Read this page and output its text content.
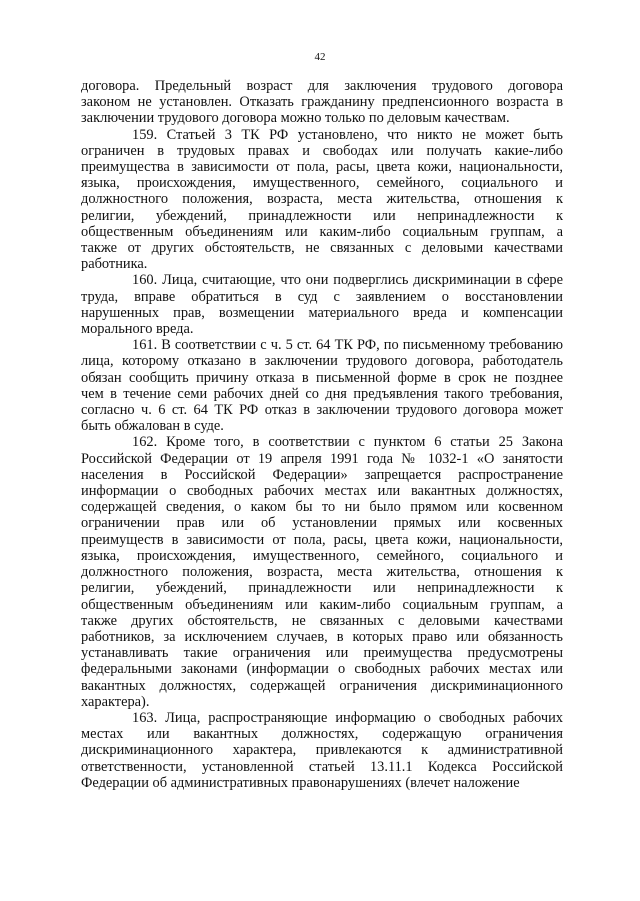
42

договора. Предельный возраст для заключения трудового договора
законом не установлен. Отказать гражданину предпенсионного возраста в
заключении трудового договора можно только по деловым качествам.

159. Статьей 3 ТК РФ установлено, что никто не может быть
ограничен в трудовых правах и свободах или получать какие-либо
преимущества в зависимости от пола, расы, цвета кожи, национальности,
языка, происхождения, имущественного, семейного, социального и
должностного положения, возраста, места жительства, отношения к
религии, убеждений, принадлежности или непринадлежности к
общественным объединениям или каким-либо социальным группам, а
также от других обстоятельств, не связанных с деловыми качествами
работника.

160. Лица, считающие, что они подверглись дискриминации в сфере
труда, вправе обратиться в суд с заявлением о восстановлении
нарушенных прав, возмещении материального вреда и компенсации
морального вреда.

161. В соответствии с ч. 5 ст. 64 ТК РФ, по письменному требованию
лица, которому отказано в заключении трудового договора, работодатель
обязан сообщить причину отказа в письменной форме в срок не позднее
чем в течение семи рабочих дней со дня предъявления такого требования,
согласно ч. 6 ст. 64 ТК РФ отказ в заключении трудового договора может
быть обжалован в суде.

162. Кроме того, в соответствии с пунктом 6 статьи 25 Закона
Российской Федерации от 19 апреля 1991 года № 1032-1 «О занятости
населения в Российской Федерации» запрещается распространение
информации о свободных рабочих местах или вакантных должностях,
содержащей сведения, о каком бы то ни было прямом или косвенном
ограничении прав или об установлении прямых или косвенных
преимуществ в зависимости от пола, расы, цвета кожи, национальности,
языка, происхождения, имущественного, семейного, социального и
должностного положения, возраста, места жительства, отношения к
религии, убеждений, принадлежности или непринадлежности к
общественным объединениям или каким-либо социальным группам, а
также других обстоятельств, не связанных с деловыми качествами
работников, за исключением случаев, в которых право или обязанность
устанавливать такие ограничения или преимущества предусмотрены
федеральными законами (информации о свободных рабочих местах или
вакантных должностях, содержащей ограничения дискриминационного
характера).

163. Лица, распространяющие информацию о свободных рабочих
местах или вакантных должностях, содержащую ограничения
дискриминационного характера, привлекаются к административной
ответственности, установленной статьей 13.11.1 Кодекса Российской
Федерации об административных правонарушениях (влечет наложение
